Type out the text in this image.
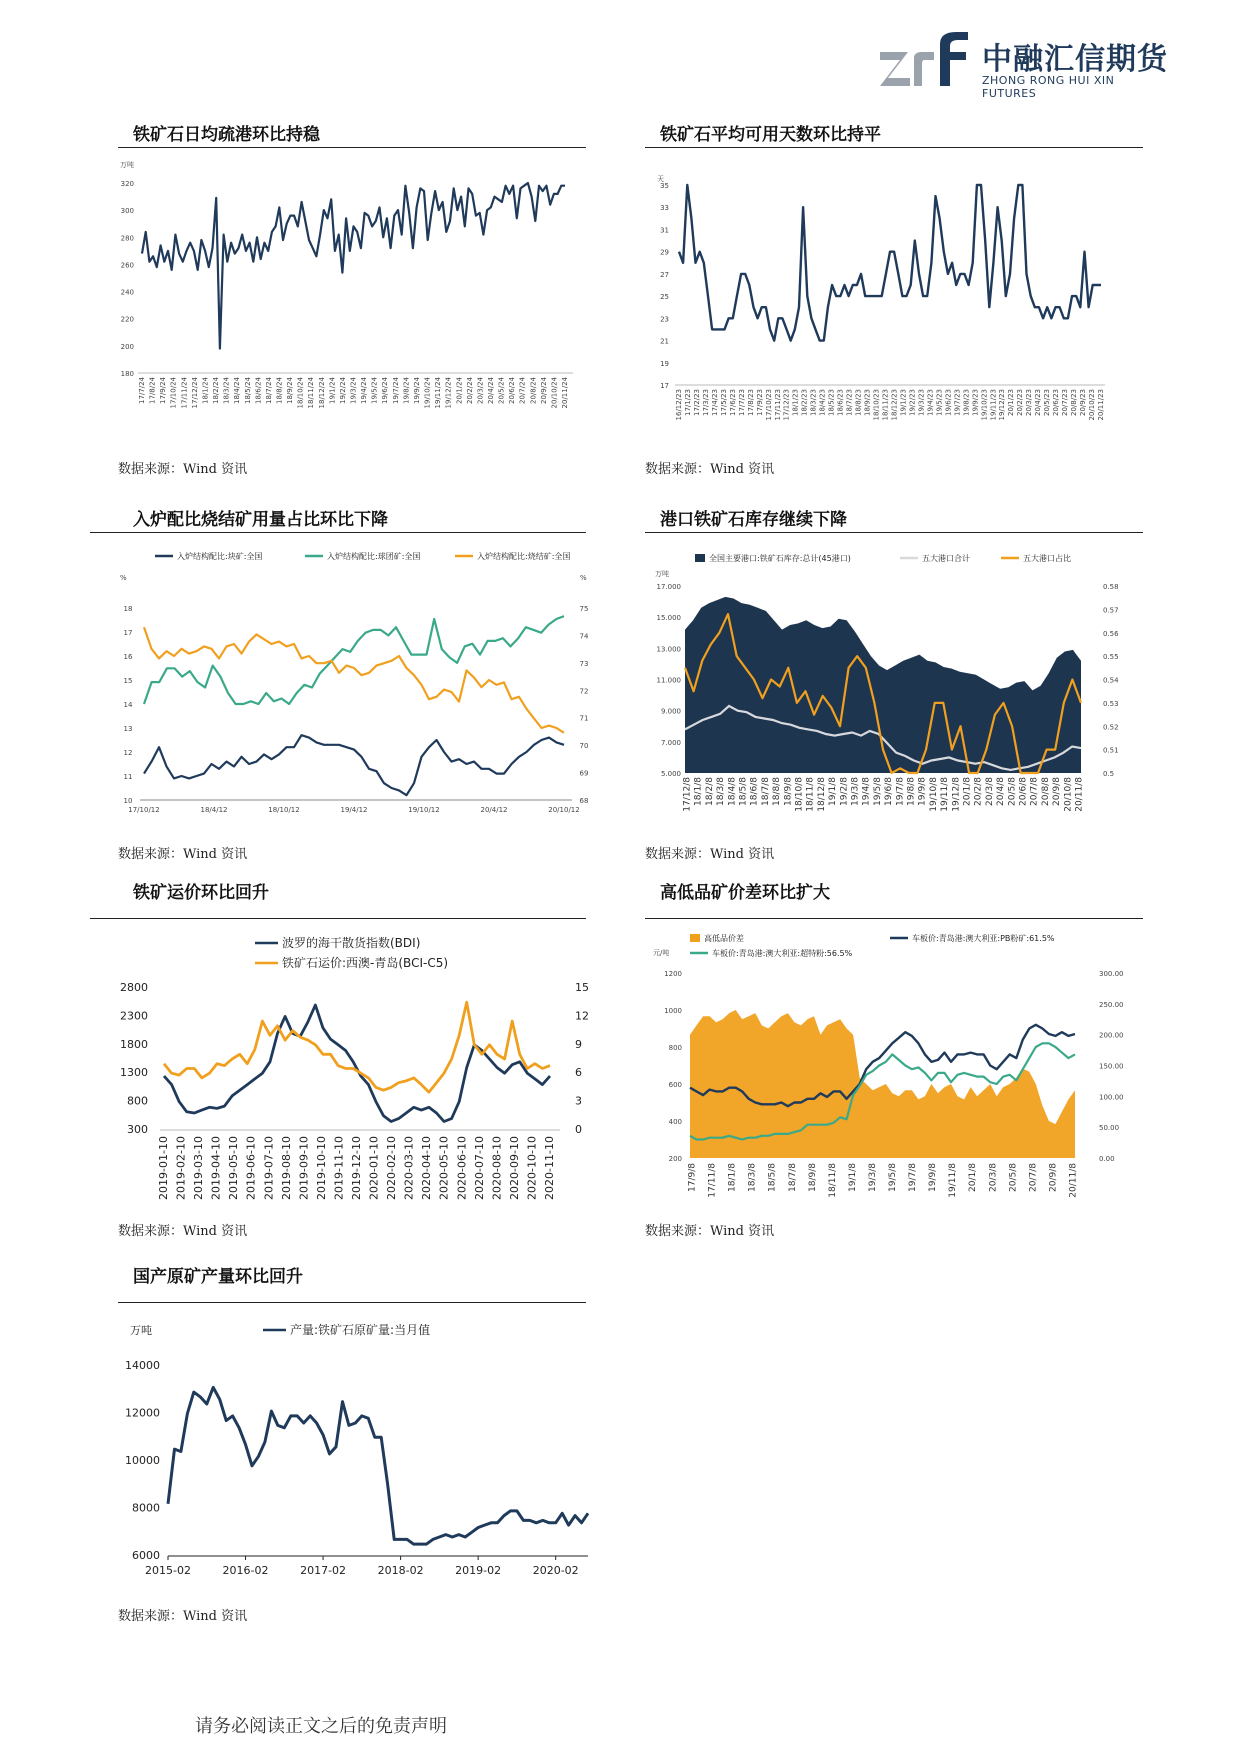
中融汇信期货
ZHONG RONG HUI XIN FUTURES
铁矿石日均疏港环比持稳
万吨
180
200
220
240
260
280
300
320
17/7/24 17/8/24 17/9/24 17/10/24 17/11/24 17/12/24 18/1/24 18/2/24 18/3/24 18/4/24 18/5/24 18/6/24 18/7/24 18/8/24 18/9/24 18/10/24 18/11/24 18/12/24 19/1/24 19/2/24 19/3/24 19/4/24 19/5/24 19/6/24 19/7/24 19/8/24 19/9/24 19/10/24 19/11/24 19/12/24 20/1/24 20/2/24 20/3/24 20/4/24 20/5/24 20/6/24 20/7/24 20/8/24 20/9/24 20/10/24 20/11/24
数据来源：Wind 资讯
铁矿石平均可用天数环比持平
天
17
19
21
23
25
27
29
31
33
35
16/12/23 17/1/23 17/2/23 17/3/23 17/4/23 17/5/23 17/6/23 17/7/23 17/8/23 17/9/23 17/10/23 17/11/23 17/12/23 18/1/23 18/2/23 18/3/23 18/4/23 18/5/23 18/6/23 18/7/23 18/8/23 18/9/23 18/10/23 18/11/23 18/12/23 19/1/23 19/2/23 19/3/23 19/4/23 19/5/23 19/6/23 19/7/23 19/8/23 19/9/23 19/10/23 19/11/23 19/12/23 20/1/23 20/2/23 20/3/23 20/4/23 20/5/23 20/6/23 20/7/23 20/8/23 20/9/23 20/10/23 20/11/23
数据来源：Wind 资讯
入炉配比烧结矿用量占比环比下降
入炉结构配比:块矿:全国	入炉结构配比:球团矿:全国	入炉结构配比:烧结矿:全国
%	%
10
11
12
13
14
15
16
17
18
68
69
70
71
72
73
74
75
17/10/12	18/4/12	18/10/12	19/4/12	19/10/12	20/4/12	20/10/12
数据来源：Wind 资讯
港口铁矿石库存继续下降
全国主要港口:铁矿石库存:总计(45港口)	五大港口合计	五大港口占比
万吨
5.000
7.000
9.000
11.000
13.000
15.000
17.000
0.5
0.51
0.52
0.53
0.54
0.55
0.56
0.57
0.58
17/12/8 18/1/8 18/2/8 18/3/8 18/4/8 18/5/8 18/6/8 18/7/8 18/8/8 18/9/8 18/10/8 18/11/8 18/12/8 19/1/8 19/2/8 19/3/8 19/4/8 19/5/8 19/6/8 19/7/8 19/8/8 19/9/8 19/10/8 19/11/8 19/12/8 20/1/8 20/2/8 20/3/8 20/4/8 20/5/8 20/6/8 20/7/8 20/8/8 20/9/8 20/10/8 20/11/8
数据来源：Wind 资讯
铁矿运价环比回升
波罗的海干散货指数(BDI)
铁矿石运价:西澳-青岛(BCI-C5)
300
800
1300
1800
2300
2800
0
3
6
9
12
15
2019-01-10 2019-02-10 2019-03-10 2019-04-10 2019-05-10 2019-06-10 2019-07-10 2019-08-10 2019-09-10 2019-10-10 2019-11-10 2019-12-10 2020-01-10 2020-02-10 2020-03-10 2020-04-10 2020-05-10 2020-06-10 2020-07-10 2020-08-10 2020-09-10 2020-10-10 2020-11-10
数据来源：Wind 资讯
高低品矿价差环比扩大
高低品价差	车板价:青岛港:澳大利亚:PB粉矿:61.5%
车板价:青岛港:澳大利亚:超特粉:56.5%
元/吨
200
400
600
800
1000
1200
0.00
50.00
100.00
150.00
200.00
250.00
300.00
17/9/8 17/11/8 18/1/8 18/3/8 18/5/8 18/7/8 18/9/8 18/11/8 19/1/8 19/3/8 19/5/8 19/7/8 19/9/8 19/11/8 20/1/8 20/3/8 20/5/8 20/7/8 20/9/8 20/11/8
数据来源：Wind 资讯
国产原矿产量环比回升
万吨	产量:铁矿石原矿量:当月值
6000
8000
10000
12000
14000
2015-02	2016-02	2017-02	2018-02	2019-02	2020-02
数据来源：Wind 资讯
请务必阅读正文之后的免责声明
